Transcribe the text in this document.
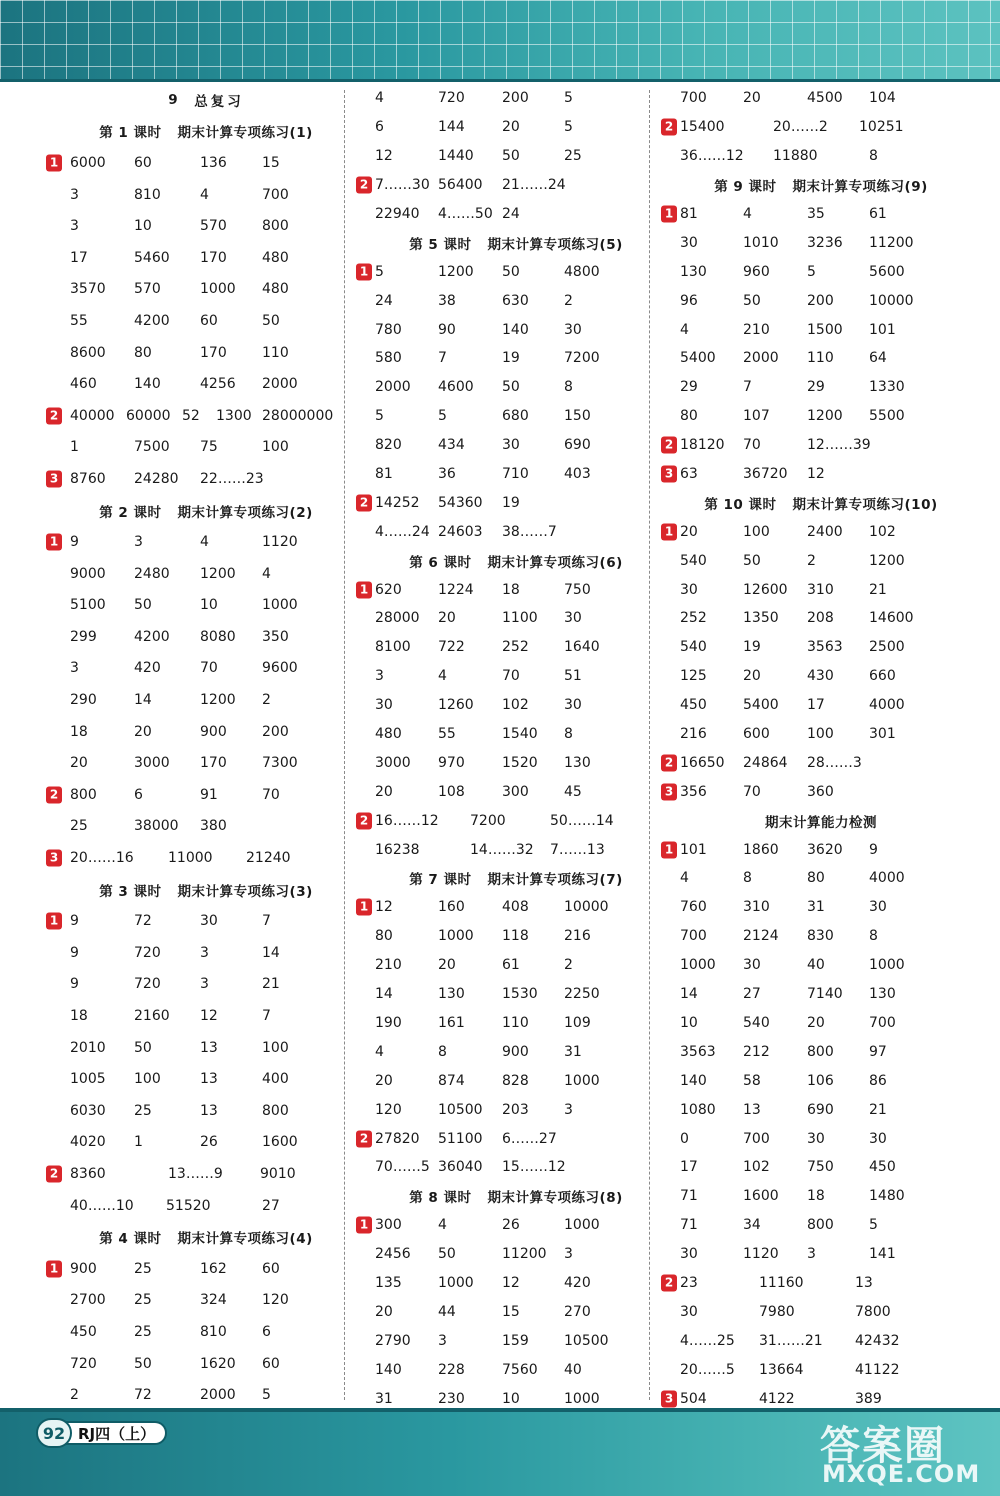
9 总复习
第 1 课时 期末计算专项练习(1)
1 6000 60	136	15
3	810	4	700
3	10	570	800
17	5460 170	480
3570 570	1000 480
55	4200 60	50
8600 80	170	110
460	140	4256 2000
2 40000 60000 52 1300 28000000
1	7500 75	100
3 8760 24280 22……23
第 2 课时 期末计算专项练习(2)
1 9	3	4	1120
9000 2480 1200 4
5100 50	10	1000
299	4200 8080 350
3	420	70	9600
290	14	1200 2
18	20	900	200
20	3000 170	7300
2 800	6	91	70
25	38000 380
3 20……16 11000 21240
第 3 课时 期末计算专项练习(3)
1 9	72	30	7
9	720	3	14
9	720	3	21
18	2160 12	7
2010 50	13	100
1005 100	13	400
6030 25	13	800
4020 1	26	1600
2 8360	13……9	9010
40……10 51520	27
第 4 课时 期末计算专项练习(4)
1 900	25	162	60
2700 25	324	120
450	25	810	6
720	50	1620 60
2	72	2000 5
4	720	200	5
6	144	20	5
12	1440 50	25
2 7……30 56400 21……24
22940 4……50 24
第 5 课时 期末计算专项练习(5)
1 5	1200 50	4800
24	38	630	2
780	90	140	30
580	7	19	7200
2000 4600 50	8
5	5	680	150
820	434	30	690
81	36	710	403
2 14252 54360 19
4……24 24603 38……7
第 6 课时 期末计算专项练习(6)
1 620	1224 18	750
28000 20	1100 30
8100 722	252	1640
3	4	70	51
30	1260 102	30
480	55	1540 8
3000 970	1520 130
20	108	300	45
2 16……12 7200	50……14
16238	14……32 7……13
第 7 课时 期末计算专项练习(7)
1 12	160	408	10000
80	1000 118	216
210	20	61	2
14	130	1530 2250
190	161	110	109
4	8	900	31
20	874	828	1000
120	10500 203	3
2 27820 51100 6……27
70……5 36040 15……12
第 8 课时 期末计算专项练习(8)
1 300	4	26	1000
2456 50	11200 3
135	1000 12	420
20	44	15	270
2790 3	159	10500
140	228	7560 40
31	230	10	1000
700	20	4500 104
2 15400	20……2 10251
36……12 11880	8
第 9 课时 期末计算专项练习(9)
1 81	4	35	61
30	1010 3236 11200
130	960	5	5600
96	50	200	10000
4	210	1500 101
5400 2000 110	64
29	7	29	1330
80	107	1200 5500
2 18120 70	12……39
3 63	36720 12
第 10 课时 期末计算专项练习(10)
1 20	100	2400 102
540	50	2	1200
30	12600 310	21
252	1350 208	14600
540	19	3563 2500
125	20	430	660
450	5400 17	4000
216	600	100	301
2 16650 24864 28……3
3 356	70	360
期末计算能力检测
1 101	1860 3620 9
4	8	80	4000
760	310	31	30
700	2124 830	8
1000 30	40	1000
14	27	7140 130
10	540	20	700
3563 212	800	97
140	58	106	86
1080 13	690	21
0	700	30	30
17	102	750	450
71	1600 18	1480
71	34	800	5
30	1120 3	141
2 23	11160	13
30	7980	7800
4……25 31……21 42432
20……5 13664	41122
3 504	4122	389
92 RJ四（上）	答案圈
MXQE.COM
